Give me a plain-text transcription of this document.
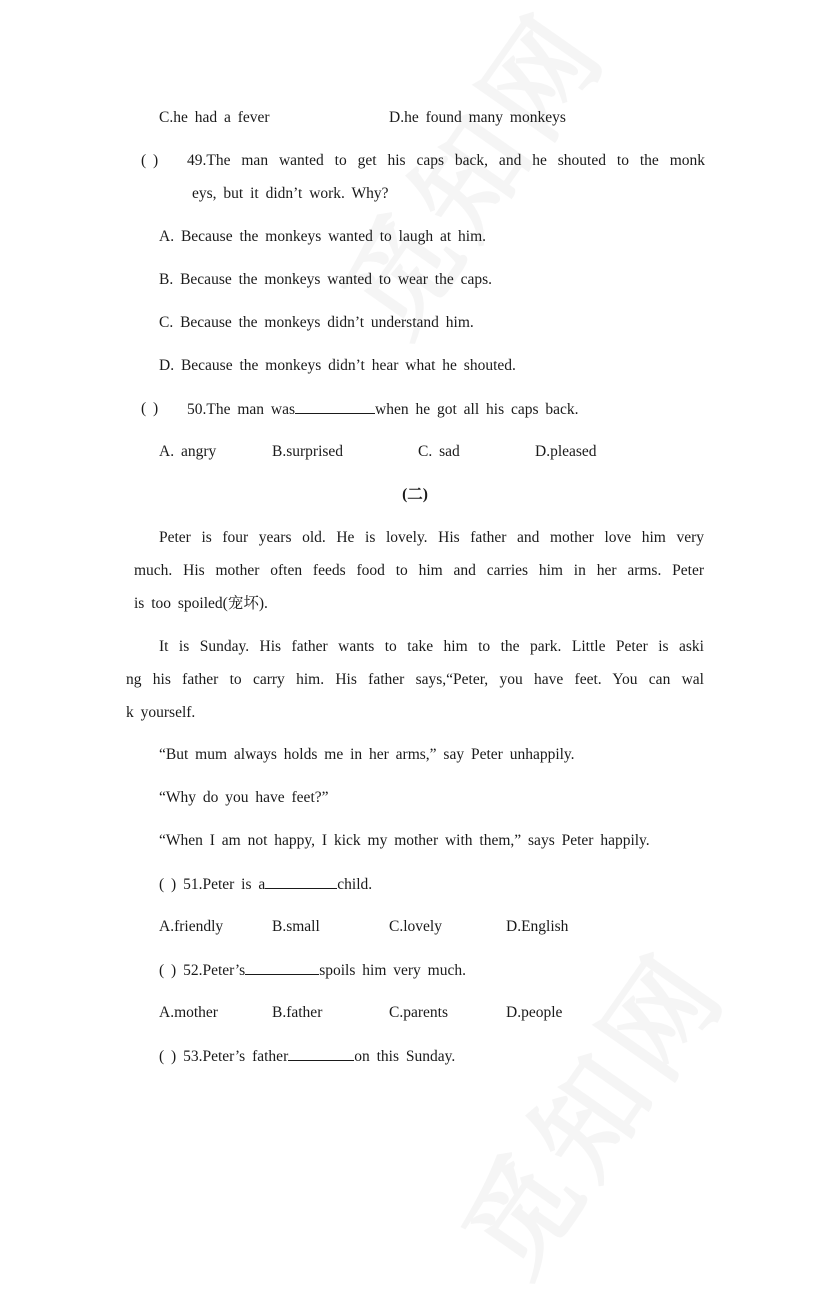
C.he had a fever	D.he found many monkeys
( ) 49.The man wanted to get his caps back, and he shouted to the monk
eys, but it didn’t work. Why?
A. Because the monkeys wanted to laugh at him.
B. Because the monkeys wanted to wear the caps.
C. Because the monkeys didn’t understand him.
D. Because the monkeys didn’t hear what he shouted.
( ) 50.The man was	when he got all his caps back.
A. angry	B.surprised	C. sad	D.pleased
(二)
Peter is four years old. He is lovely. His father and mother love him very
much. His mother often feeds food to him and carries him in her arms. Peter
is too spoiled(宠坏).
It is Sunday. His father wants to take him to the park. Little Peter is aski
ng his father to carry him. His father says,“Peter, you have feet. You can wal
k yourself.
“But mum always holds me in her arms,” say Peter unhappily.
“Why do you have feet?”
“When I am not happy, I kick my mother with them,” says Peter happily.
( ) 51.Peter is a	child.
A.friendly	B.small	C.lovely	D.English
( ) 52.Peter’s	spoils him very much.
A.mother	B.father	C.parents	D.people
( ) 53.Peter’s father	on this Sunday.
